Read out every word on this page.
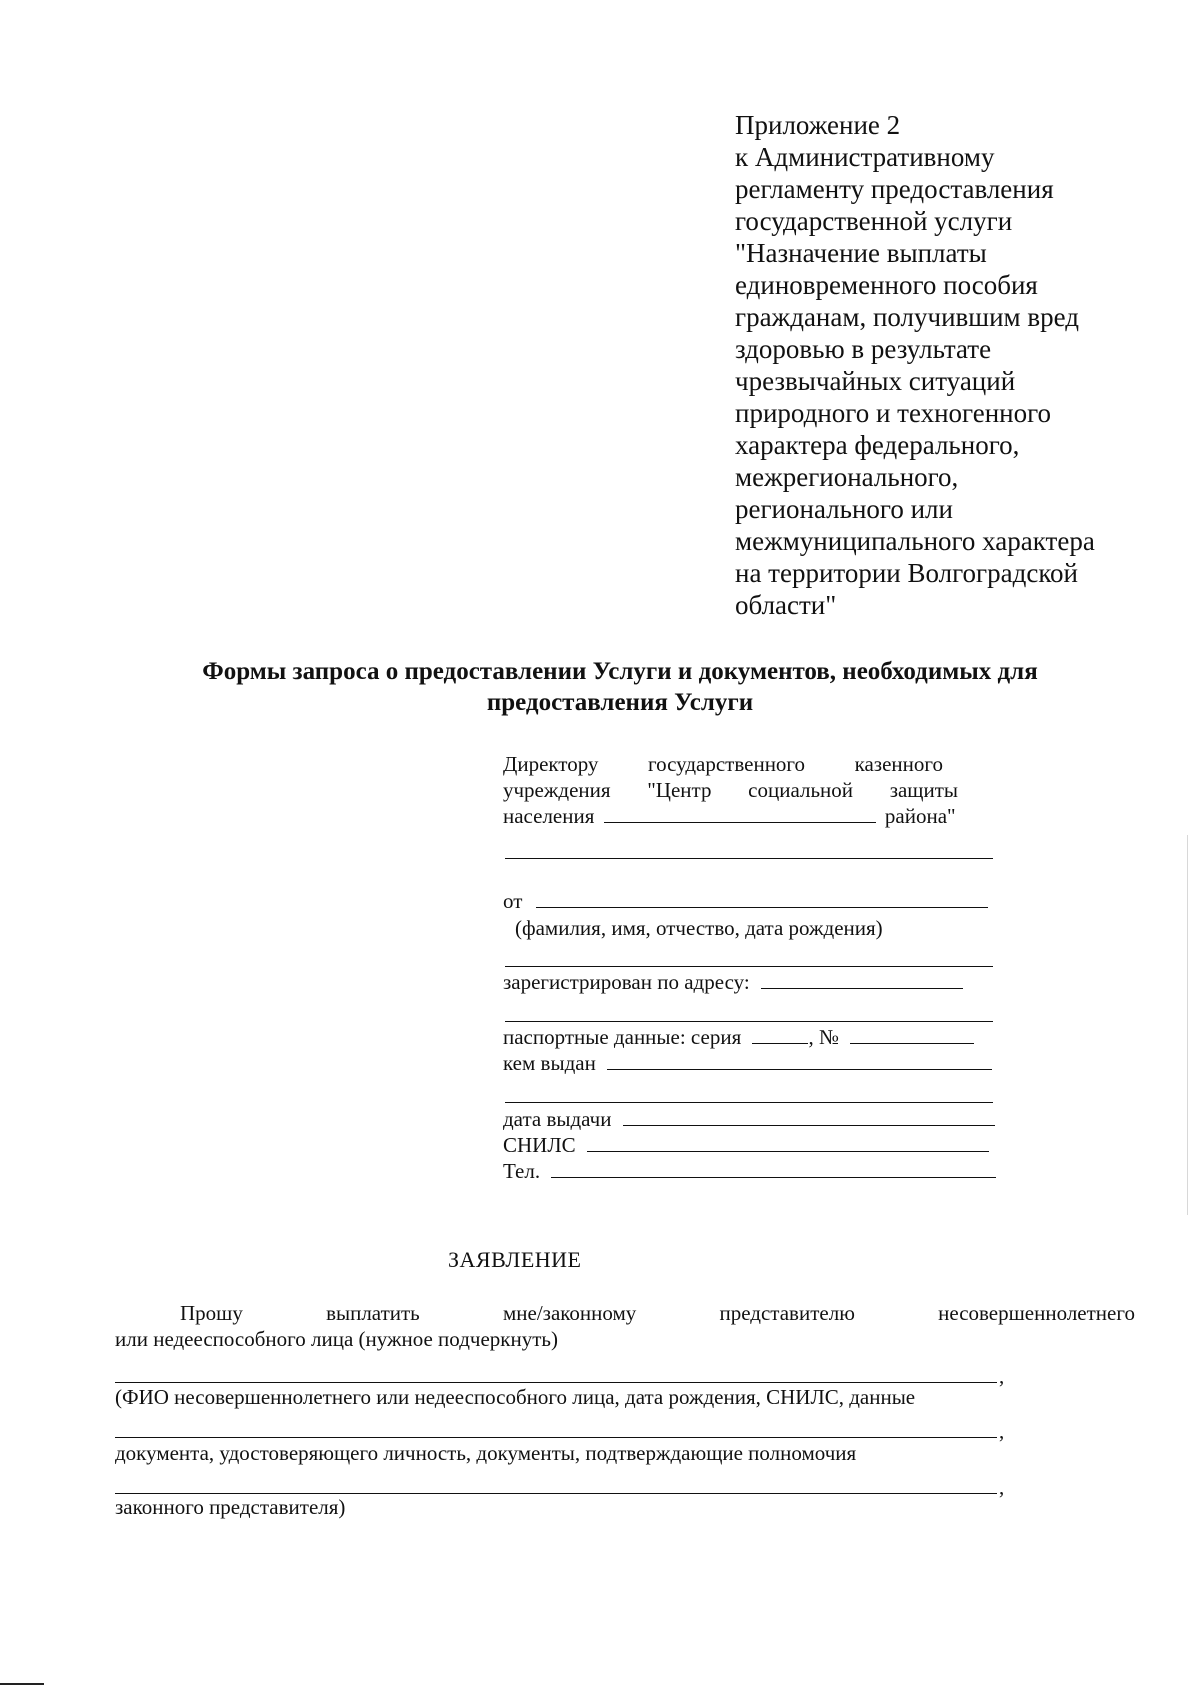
Приложение 2
к Административному
регламенту предоставления
государственной услуги
"Назначение выплаты
единовременного пособия
гражданам, получившим вред
здоровью в результате
чрезвычайных ситуаций
природного и техногенного
характера федерального,
межрегионального,
регионального или
межмуниципального характера
на территории Волгоградской
области"
Формы запроса о предоставлении Услуги и документов, необходимых для
предоставления Услуги
Директору государственного казенного
учреждения "Центр социальной защиты
населения	района"
от
(фамилия, имя, отчество, дата рождения)
зарегистрирован по адресу:
паспортные данные: серия	, №
кем выдан
дата выдачи
СНИЛС
Тел.
ЗАЯВЛЕНИЕ
Прошу	выплатить	мне/законному	представителю	несовершеннолетнего
или недееспособного лица (нужное подчеркнуть)
,
(ФИО несовершеннолетнего или недееспособного лица, дата рождения, СНИЛС, данные
,
документа, удостоверяющего личность, документы, подтверждающие полномочия
,
законного представителя)
